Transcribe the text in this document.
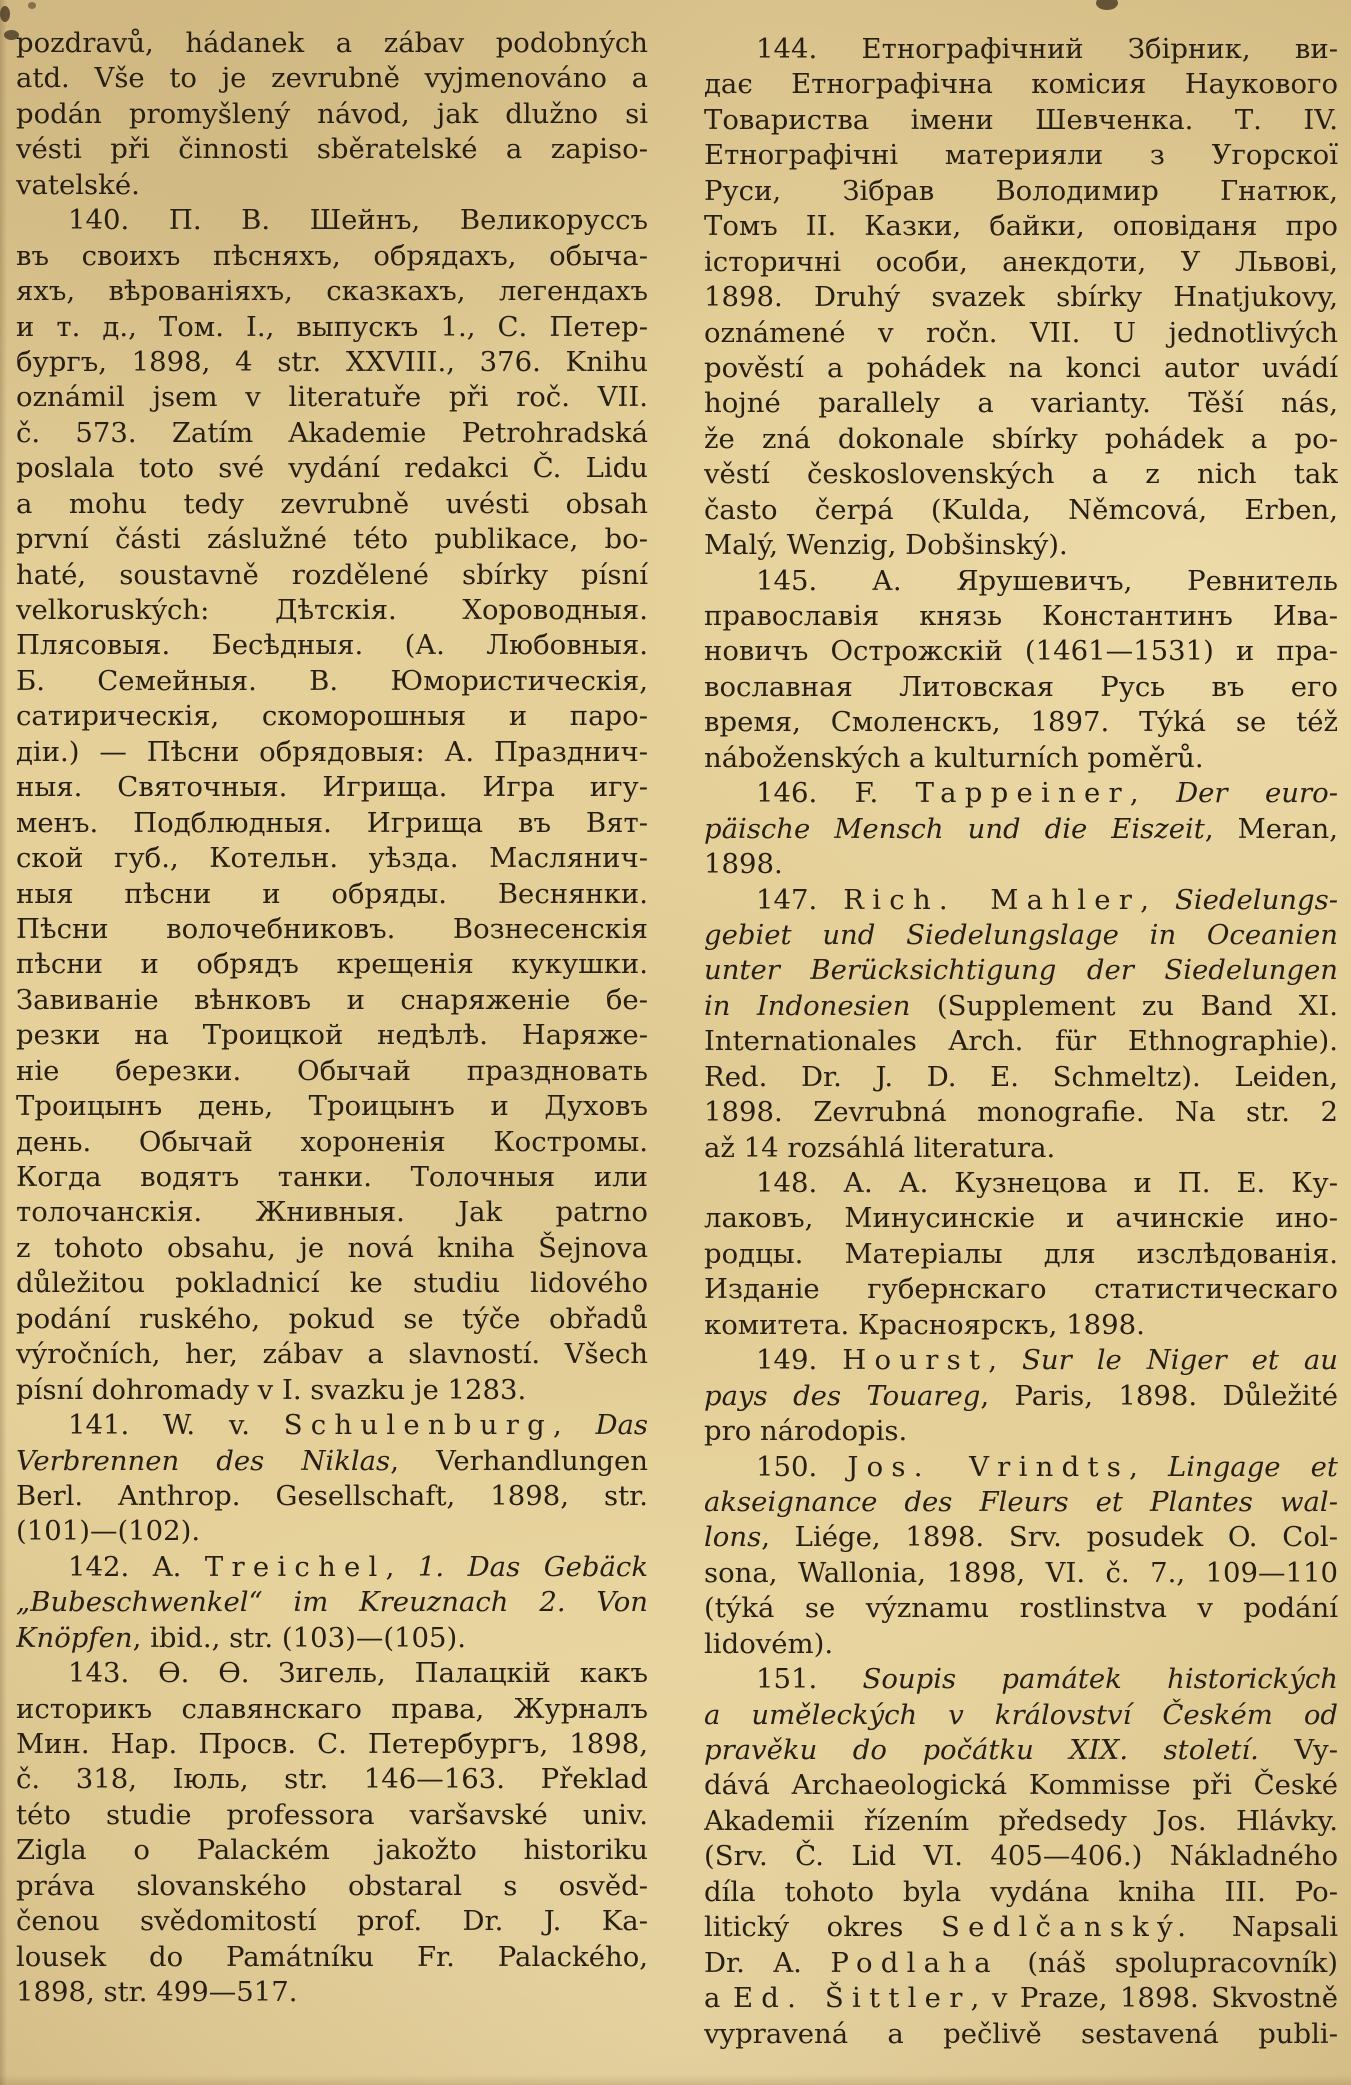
pozdravů, hádanek a zábav podobných
atd. Vše to je zevrubně vyjmenováno a
podán promyšlený návod, jak dlužno si
vésti při činnosti sběratelské a zapiso-
vatelské.
140. П. В. Шейнъ, Великоруссъ
въ своихъ пѣсняхъ, обрядахъ, обыча-
яхъ, вѣрованіяхъ, сказкахъ, легендахъ
и т. д., Том. I., выпускъ 1., С. Петер-
бургъ, 1898, 4 str. XXVIII., 376. Knihu
oznámil jsem v literatuře při roč. VII.
č. 573. Zatím Akademie Petrohradská
poslala toto své vydání redakci Č. Lidu
a mohu tedy zevrubně uvésti obsah
první části záslužné této publikace, bo-
haté, soustavně rozdělené sbírky písní
velkoruských: Дѣтскія. Хороводныя.
Плясовыя. Бесѣдныя. (А. Любовныя.
Б. Семейныя. В. Юмористическія,
сатирическія, скоморошныя и паро-
діи.) — Пѣсни обрядовыя: А. Празднич-
ныя. Святочныя. Игрища. Игра игу-
менъ. Подблюдныя. Игрища въ Вят-
ской губ., Котельн. уѣзда. Маслянич-
ныя пѣсни и обряды. Веснянки.
Пѣсни волочебниковъ. Вознесенскія
пѣсни и обрядъ крещенія кукушки.
Завиваніе вѣнковъ и снаряженіе бе-
резки на Троицкой недѣлѣ. Наряже-
ніе березки. Обычай праздновать
Троицынъ день, Троицынъ и Духовъ
день. Обычай хороненія Костромы.
Когда водятъ танки. Толочныя или
толочанскія. Жнивныя. Jak patrno
z tohoto obsahu, je nová kniha Šejnova
důležitou pokladnicí ke studiu lidového
podání ruského, pokud se týče obřadů
výročních, her, zábav a slavností. Všech
písní dohromady v I. svazku je 1283.
141. W. v. Schulenburg, Das
Verbrennen des Niklas, Verhandlungen
Berl. Anthrop. Gesellschaft, 1898, str.
(101)—(102).
142. A. Treichel, 1. Das Gebäck
„Bubeschwenkel“ im Kreuznach 2. Von
Knöpfen, ibid., str. (103)—(105).
143. Ѳ. Ѳ. Зигель, Палацкій какъ
историкъ славянскаго права, Журналъ
Мин. Нар. Просв. С. Петербургъ, 1898,
č. 318, Іюль, str. 146—163. Překlad
této studie professora varšavské univ.
Zigla o Palackém jakožto historiku
práva slovanského obstaral s osvěd-
čenou svědomitostí prof. Dr. J. Ka-
lousek do Památníku Fr. Palackého,
1898, str. 499—517.
144. Етнографічний Збірник, ви-
дає Етнографічна комісия Наукового
Товариства імени Шевченка. Т. IV.
Етнографічні материяли з Угорскої
Руси, Зібрав Володимир Гнатюк,
Томъ II. Казки, байки, оповіданя про
історичні особи, анекдоти, У Львові,
1898. Druhý svazek sbírky Hnatjukovy,
oznámené v ročn. VII. U jednotlivých
pověstí a pohádek na konci autor uvádí
hojné parallely a varianty. Těší nás,
že zná dokonale sbírky pohádek a po-
věstí československých a z nich tak
často čerpá (Kulda, Němcová, Erben,
Malý, Wenzig, Dobšinský).
145. А. Ярушевичъ, Ревнитель
православія князь Константинъ Ива-
новичъ Острожскій (1461—1531) и пра-
вославная Литовская Русь въ его
время, Смоленскъ, 1897. Týká se též
náboženských a kulturních poměrů.
146. F. Tappeiner, Der euro-
päische Mensch und die Eiszeit, Meran,
1898.
147. Rich. Mahler, Siedelungs-
gebiet und Siedelungslage in Oceanien
unter Berücksichtigung der Siedelungen
in Indonesien (Supplement zu Band XI.
Internationales Arch. für Ethnographie).
Red. Dr. J. D. E. Schmeltz). Leiden,
1898. Zevrubná monografie. Na str. 2
až 14 rozsáhlá literatura.
148. А. А. Кузнецова и П. Е. Ку-
лаковъ, Минусинскіе и ачинскіе ино-
родцы. Матеріалы для изслѣдованія.
Изданіе губернскаго статистическаго
комитета. Красноярскъ, 1898.
149. Hourst, Sur le Niger et au
pays des Touareg, Paris, 1898. Důležité
pro národopis.
150. Jos. Vrindts, Lingage et
akseignance des Fleurs et Plantes wal-
lons, Liége, 1898. Srv. posudek O. Col-
sona, Wallonia, 1898, VI. č. 7., 109—110
(týká se významu rostlinstva v podání
lidovém).
151. Soupis památek historických
a uměleckých v království Českém od
pravěku do počátku XIX. století. Vy-
dává Archaeologická Kommisse při České
Akademii řízením předsedy Jos. Hlávky.
(Srv. Č. Lid VI. 405—406.) Nákladného
díla tohoto byla vydána kniha III. Po-
litický okres Sedlčanský. Napsali
Dr. A. Podlaha (náš spolupracovník)
a Ed. Šittler, v Praze, 1898. Skvostně
vypravená a pečlivě sestavená publi-
